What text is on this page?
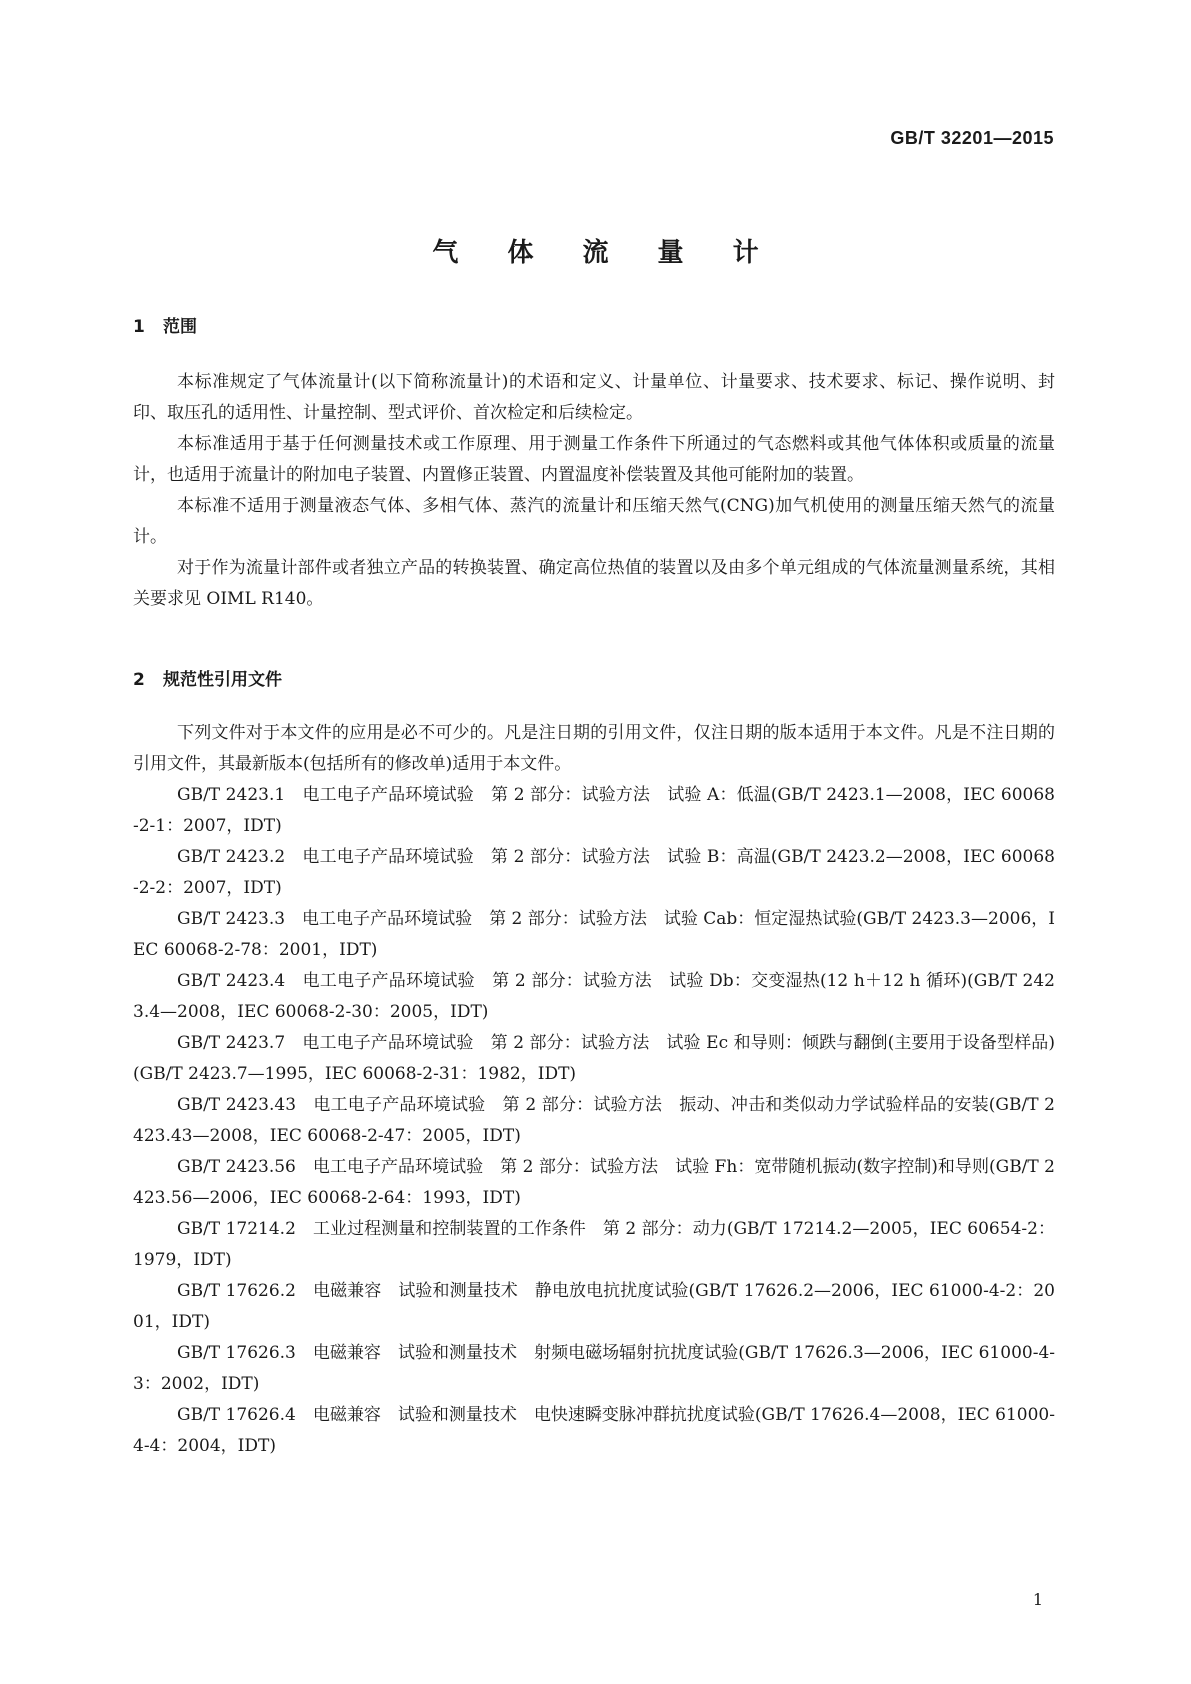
GB/T 32201—2015
气 体 流 量 计
1 范围

本标准规定了气体流量计(以下简称流量计)的术语和定义、计量单位、计量要求、技术要求、标记、操作说明、封印、取压孔的适用性、计量控制、型式评价、首次检定和后续检定。

本标准适用于基于任何测量技术或工作原理、用于测量工作条件下所通过的气态燃料或其他气体体积或质量的流量计，也适用于流量计的附加电子装置、内置修正装置、内置温度补偿装置及其他可能附加的装置。

本标准不适用于测量液态气体、多相气体、蒸汽的流量计和压缩天然气(CNG)加气机使用的测量压缩天然气的流量计。

对于作为流量计部件或者独立产品的转换装置、确定高位热值的装置以及由多个单元组成的气体流量测量系统，其相关要求见 OIML R140。

2 规范性引用文件

下列文件对于本文件的应用是必不可少的。凡是注日期的引用文件，仅注日期的版本适用于本文件。凡是不注日期的引用文件，其最新版本(包括所有的修改单)适用于本文件。

GB/T 2423.1　电工电子产品环境试验　第 2 部分：试验方法　试验 A：低温(GB/T 2423.1—2008，IEC 60068-2-1：2007，IDT)

GB/T 2423.2　电工电子产品环境试验　第 2 部分：试验方法　试验 B：高温(GB/T 2423.2—2008，IEC 60068-2-2：2007，IDT)

GB/T 2423.3　电工电子产品环境试验　第 2 部分：试验方法　试验 Cab：恒定湿热试验(GB/T 2423.3—2006，IEC 60068-2-78：2001，IDT)

GB/T 2423.4　电工电子产品环境试验　第 2 部分：试验方法　试验 Db：交变湿热(12 h＋12 h 循环)(GB/T 2423.4—2008，IEC 60068-2-30：2005，IDT)

GB/T 2423.7　电工电子产品环境试验　第 2 部分：试验方法　试验 Ec 和导则：倾跌与翻倒(主要用于设备型样品)(GB/T 2423.7—1995，IEC 60068-2-31：1982，IDT)

GB/T 2423.43　电工电子产品环境试验　第 2 部分：试验方法　振动、冲击和类似动力学试验样品的安装(GB/T 2423.43—2008，IEC 60068-2-47：2005，IDT)

GB/T 2423.56　电工电子产品环境试验　第 2 部分：试验方法　试验 Fh：宽带随机振动(数字控制)和导则(GB/T 2423.56—2006，IEC 60068-2-64：1993，IDT)

GB/T 17214.2　工业过程测量和控制装置的工作条件　第 2 部分：动力(GB/T 17214.2—2005，IEC 60654-2：1979，IDT)

GB/T 17626.2　电磁兼容　试验和测量技术　静电放电抗扰度试验(GB/T 17626.2—2006，IEC 61000-4-2：2001，IDT)

GB/T 17626.3　电磁兼容　试验和测量技术　射频电磁场辐射抗扰度试验(GB/T 17626.3—2006，IEC 61000-4-3：2002，IDT)

GB/T 17626.4　电磁兼容　试验和测量技术　电快速瞬变脉冲群抗扰度试验(GB/T 17626.4—2008，IEC 61000-4-4：2004，IDT)

1
